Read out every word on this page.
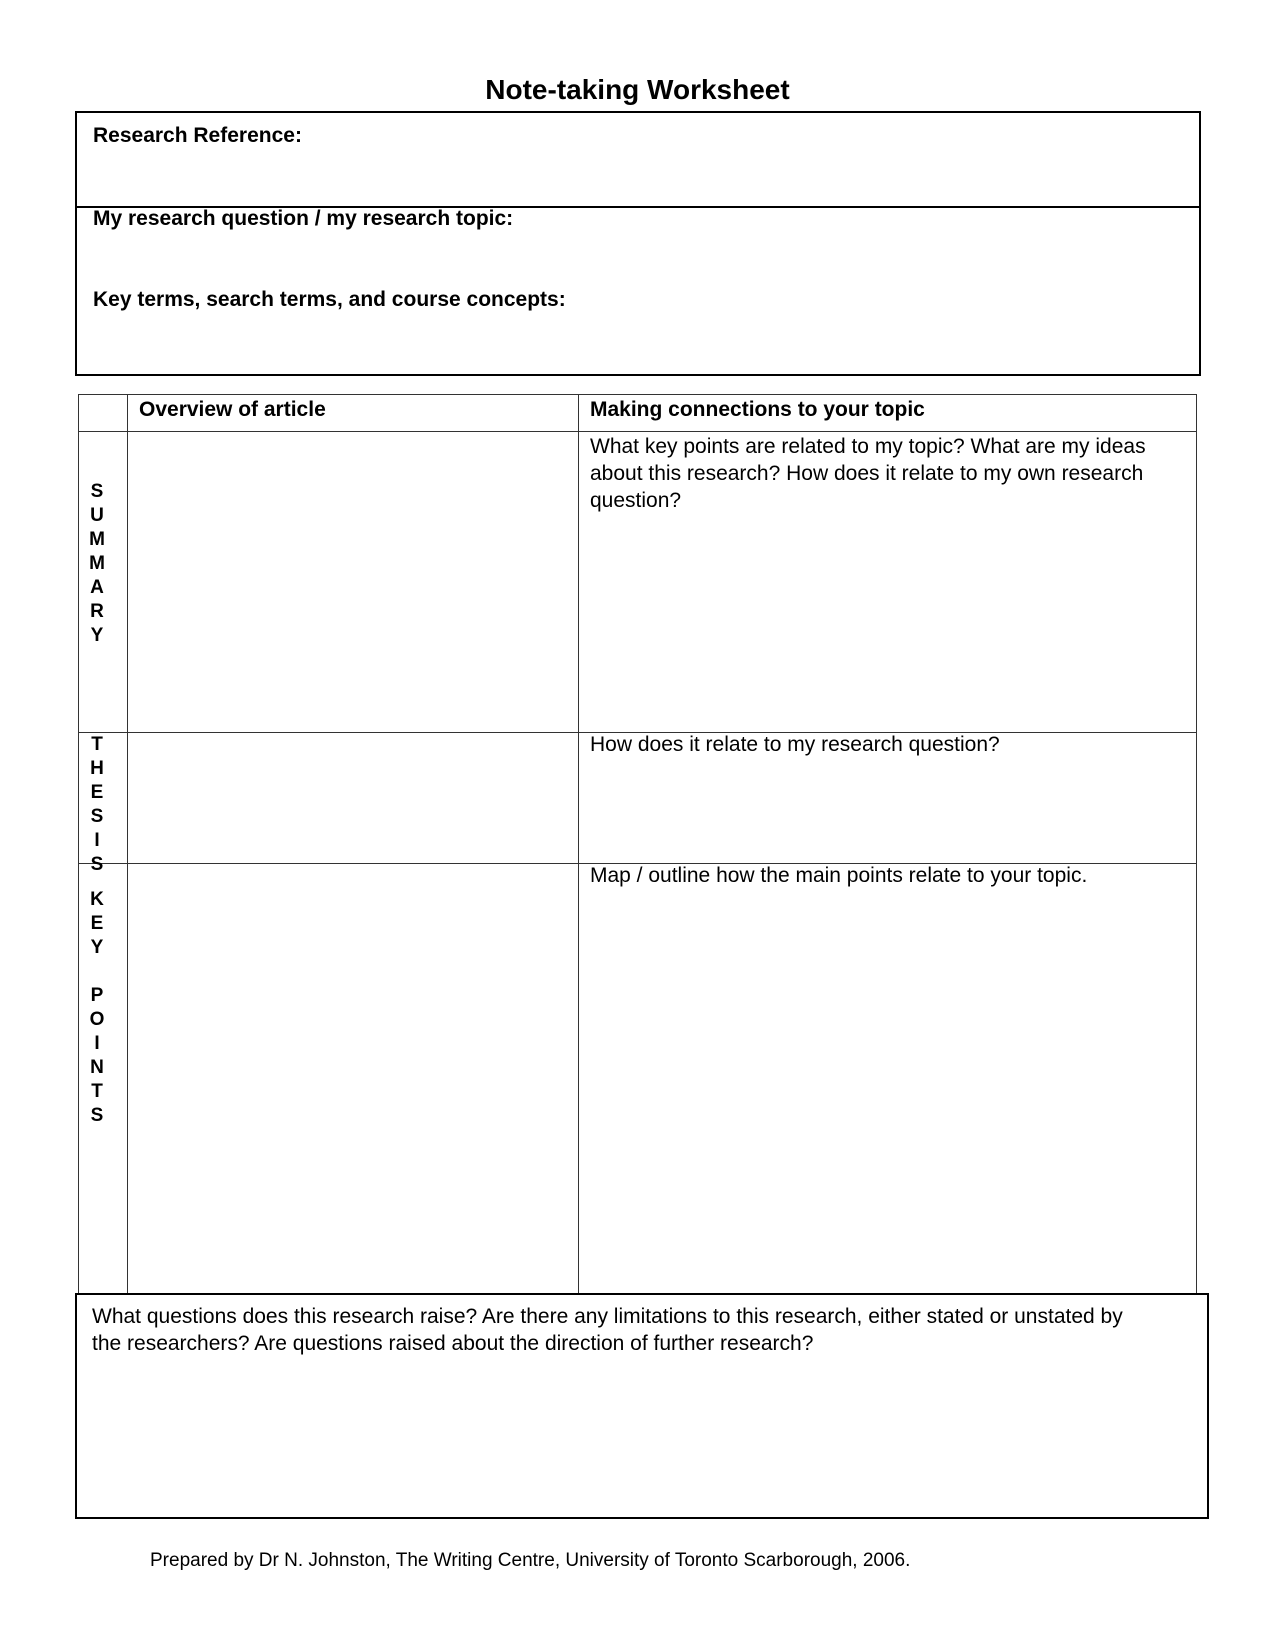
Note-taking Worksheet
Research Reference:
My research question / my research topic:
Key terms, search terms, and course concepts:
Overview of article	Making connections to your topic
S
U
M
M
A
R
Y
What key points are related to my topic? What are my ideas about this research? How does it relate to my own research question?
T
H
E
S
I
S
How does it relate to my research question?
K
E
Y

P
O
I
N
T
S
Map / outline how the main points relate to your topic.
What questions does this research raise? Are there any limitations to this research, either stated or unstated by the researchers? Are questions raised about the direction of further research?
Prepared by Dr N. Johnston, The Writing Centre, University of Toronto Scarborough, 2006.
